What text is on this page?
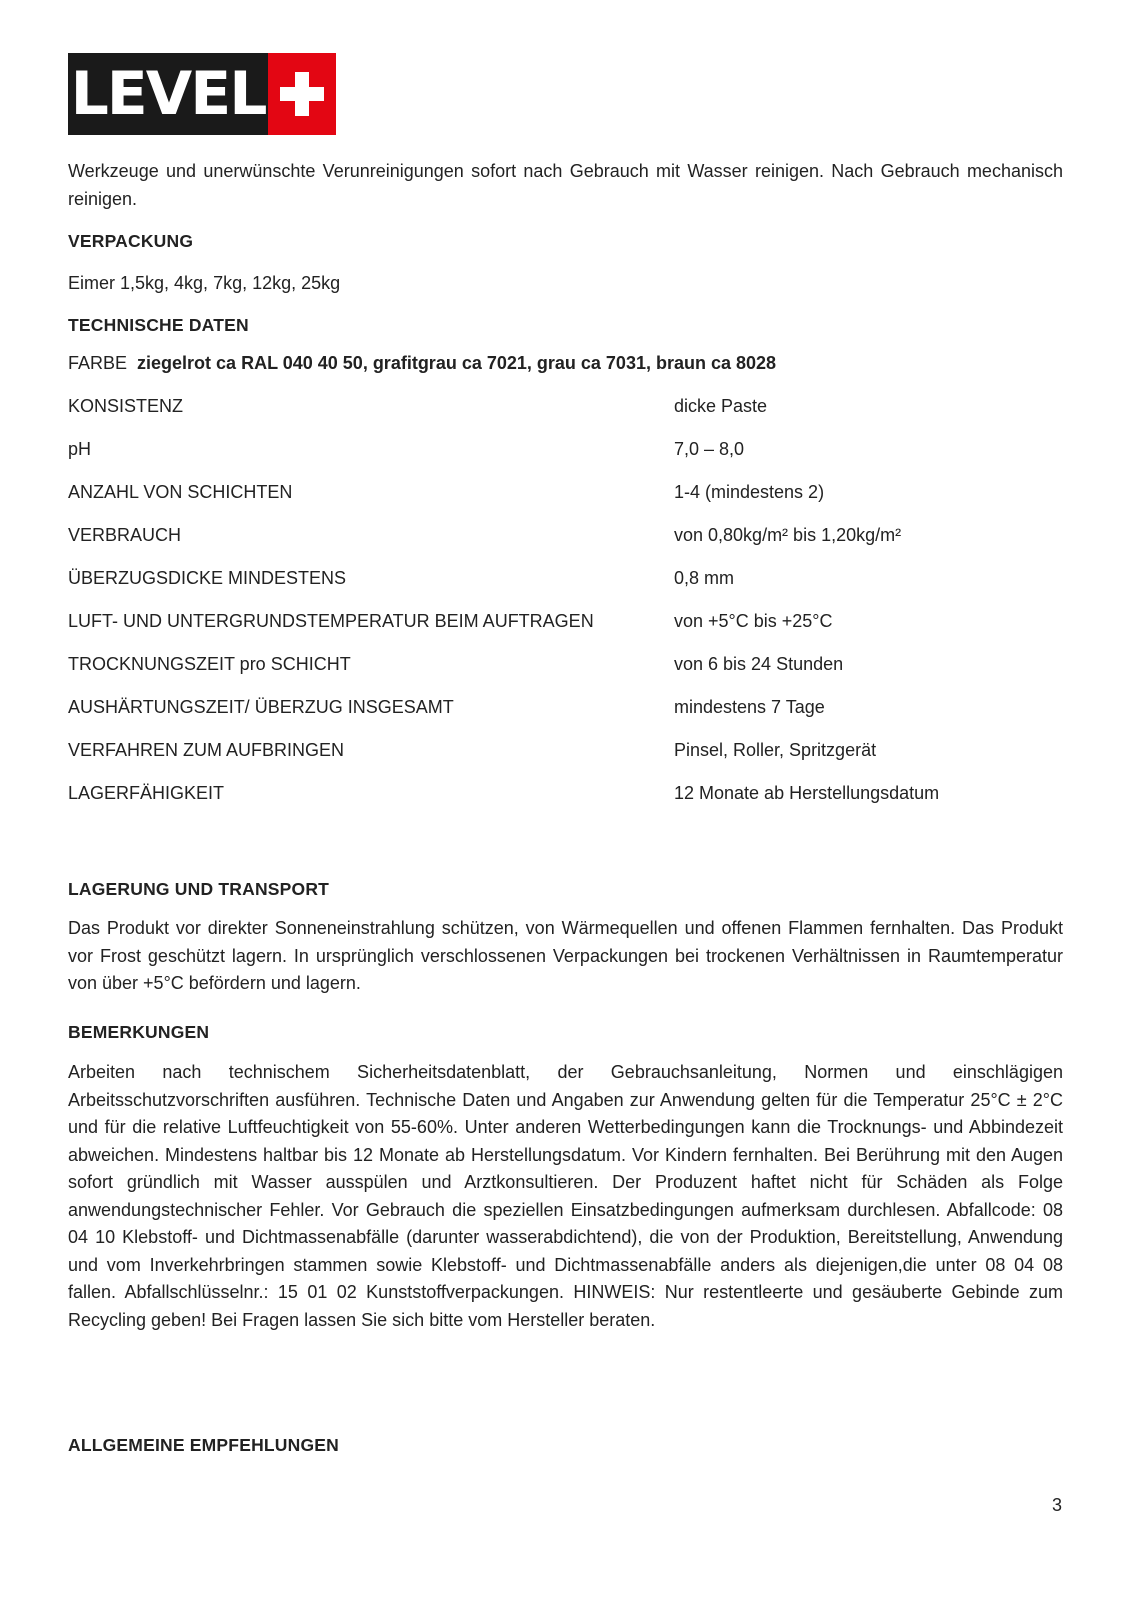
LEVEL
Werkzeuge und unerwünschte Verunreinigungen sofort nach Gebrauch mit Wasser reinigen. Nach Gebrauch mechanisch reinigen.
VERPACKUNG
Eimer 1,5kg, 4kg, 7kg, 12kg, 25kg
TECHNISCHE DATEN
FARBE ziegelrot ca RAL 040 40 50, grafitgrau ca 7021, grau ca 7031, braun ca 8028
KONSISTENZ	dicke Paste
pH	7,0 – 8,0
ANZAHL VON SCHICHTEN	1-4 (mindestens 2)
VERBRAUCH	von 0,80kg/m² bis 1,20kg/m²
ÜBERZUGSDICKE MINDESTENS	0,8 mm
LUFT- UND UNTERGRUNDSTEMPERATUR BEIM AUFTRAGEN	von +5°C bis +25°C
TROCKNUNGSZEIT pro SCHICHT	von 6 bis 24 Stunden
AUSHÄRTUNGSZEIT/ ÜBERZUG INSGESAMT	mindestens 7 Tage
VERFAHREN ZUM AUFBRINGEN	Pinsel, Roller, Spritzgerät
LAGERFÄHIGKEIT	12 Monate ab Herstellungsdatum
LAGERUNG UND TRANSPORT
Das Produkt vor direkter Sonneneinstrahlung schützen, von Wärmequellen und offenen Flammen fernhalten. Das Produkt vor Frost geschützt lagern. In ursprünglich verschlossenen Verpackungen bei trockenen Verhältnissen in Raumtemperatur von über +5°C befördern und lagern.
BEMERKUNGEN
Arbeiten nach technischem Sicherheitsdatenblatt, der Gebrauchsanleitung, Normen und einschlägigen Arbeitsschutzvorschriften ausführen. Technische Daten und Angaben zur Anwendung gelten für die Temperatur 25°C ± 2°C und für die relative Luftfeuchtigkeit von 55-60%. Unter anderen Wetterbedingungen kann die Trocknungs- und Abbindezeit abweichen. Mindestens haltbar bis 12 Monate ab Herstellungsdatum. Vor Kindern fernhalten. Bei Berührung mit den Augen sofort gründlich mit Wasser ausspülen und Arztkonsultieren. Der Produzent haftet nicht für Schäden als Folge anwendungstechnischer Fehler. Vor Gebrauch die speziellen Einsatzbedingungen aufmerksam durchlesen. Abfallcode: 08 04 10 Klebstoff- und Dichtmassenabfälle (darunter wasserabdichtend), die von der Produktion, Bereitstellung, Anwendung und vom Inverkehrbringen stammen sowie Klebstoff- und Dichtmassenabfälle anders als diejenigen,die unter 08 04 08 fallen. Abfallschlüsselnr.: 15 01 02 Kunststoffverpackungen. HINWEIS: Nur restentleerte und gesäuberte Gebinde zum Recycling geben! Bei Fragen lassen Sie sich bitte vom Hersteller beraten.
ALLGEMEINE EMPFEHLUNGEN
3
